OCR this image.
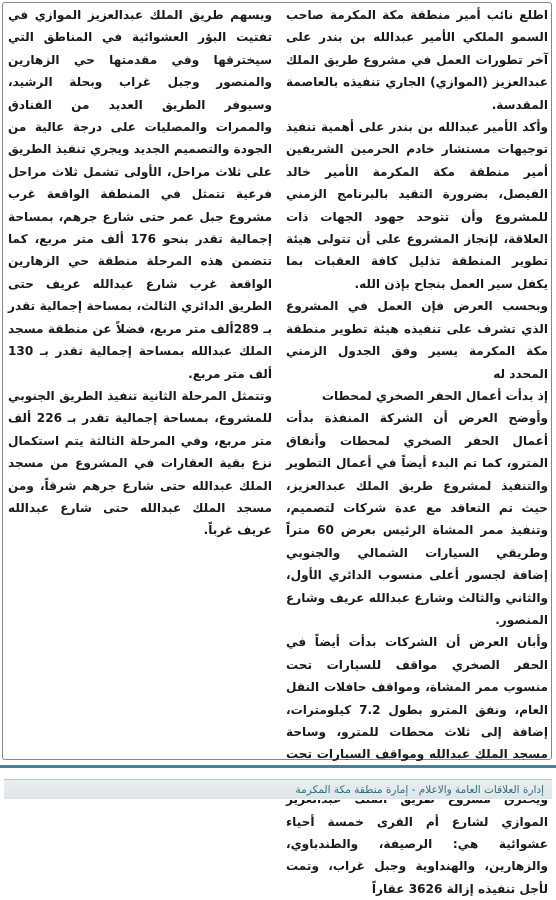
اطلع نائب أمير منطقة مكة المكرمة صاحب السمو الملكي الأمير عبدالله بن بندر على آخر تطورات العمل في مشروع طريق الملك عبدالعزيز (الموازي) الجاري تنفيذه بالعاصمة المقدسة.

وأكد الأمير عبدالله بن بندر على أهمية تنفيذ توجيهات مستشار خادم الحرمين الشريفين أمير منطقة مكة المكرمة الأمير خالد الفيصل، بضرورة التقيد بالبرنامج الزمني للمشروع وأن تتوحد جهود الجهات ذات العلاقة، لإنجاز المشروع على أن تتولى هيئة تطوير المنطقة تذليل كافة العقبات بما يكفل سير العمل بنجاح بإذن الله.

وبحسب العرض فإن العمل في المشروع الذي تشرف على تنفيذه هيئة تطوير منطقة مكة المكرمة يسير وفق الجدول الزمني المحدد له

إذ بدأت أعمال الحفر الصخري لمحطات

وأوضح العرض أن الشركة المنفذة بدأت أعمال الحفر الصخري لمحطات وأنفاق المترو، كما تم البدء أيضاً في أعمال التطوير والتنفيذ لمشروع طريق الملك عبدالعزيز، حيث تم التعاقد مع عدة شركات لتصميم، وتنفيذ ممر المشاة الرئيس بعرض 60 متراً وطريقي السيارات الشمالي والجنوبي إضافة لجسور أعلى منسوب الدائري الأول، والثاني والثالث وشارع عبدالله عريف وشارع المنصور.

وأبان العرض أن الشركات بدأت أيضاً في الحفر الصخري مواقف للسيارات تحت منسوب ممر المشاة، ومواقف حافلات النقل العام، ونفق المترو بطول 7.2 كيلومترات، إضافة إلى ثلاث محطات للمترو، وساحة مسجد الملك عبدالله ومواقف السيارات تحت

الموازي لشارع أم القرى خمسة أحياء عشوائية هي: الرصيفة، والطندباوي، والزهارين، والهنداوية وجبل غراب، وتمت لأجل تنفيذه إزالة 3626 عقاراً

ويسهم طريق الملك عبدالعزيز الموازي في تفتيت البؤر العشوائية في المناطق التي سيخترقها وفي مقدمتها حي الزهارين والمنصور وجبل غراب وبحلة الرشيد، وسيوفر الطريق العديد من الفنادق والممرات والمصليات على درجة عالية من الجودة والتصميم الجديد ويجري تنفيذ الطريق على ثلاث مراحل، الأولى تشمل ثلاث مراحل فرعية تتمثل في المنطقة الواقعة غرب مشروع جبل عمر حتى شارع جرهم، بمساحة إجمالية تقدر بنحو 176 ألف متر مربع، كما تتضمن هذه المرحلة منطقة حي الزهارين الواقعة غرب شارع عبدالله عريف حتى الطريق الدائري الثالث، بمساحة إجمالية تقدر بـ 289ألف متر مربع، فضلاً عن منطقة مسجد الملك عبدالله بمساحة إجمالية تقدر بـ 130 ألف متر مربع.

وتتمثل المرحلة الثانية تنفيذ الطريق الجنوبي للمشروع، بمساحة إجمالية تقدر بـ 226 ألف متر مربع، وفي المرحلة الثالثة يتم استكمال نزع بقية العقارات في المشروع من مسجد الملك عبدالله حتى شارع جرهم شرقاً، ومن مسجد الملك عبدالله حتى شارع عبدالله عريف غرباً.

إدارة العلاقات العامة والاعلام - إمارة منطقة مكة المكرمة
